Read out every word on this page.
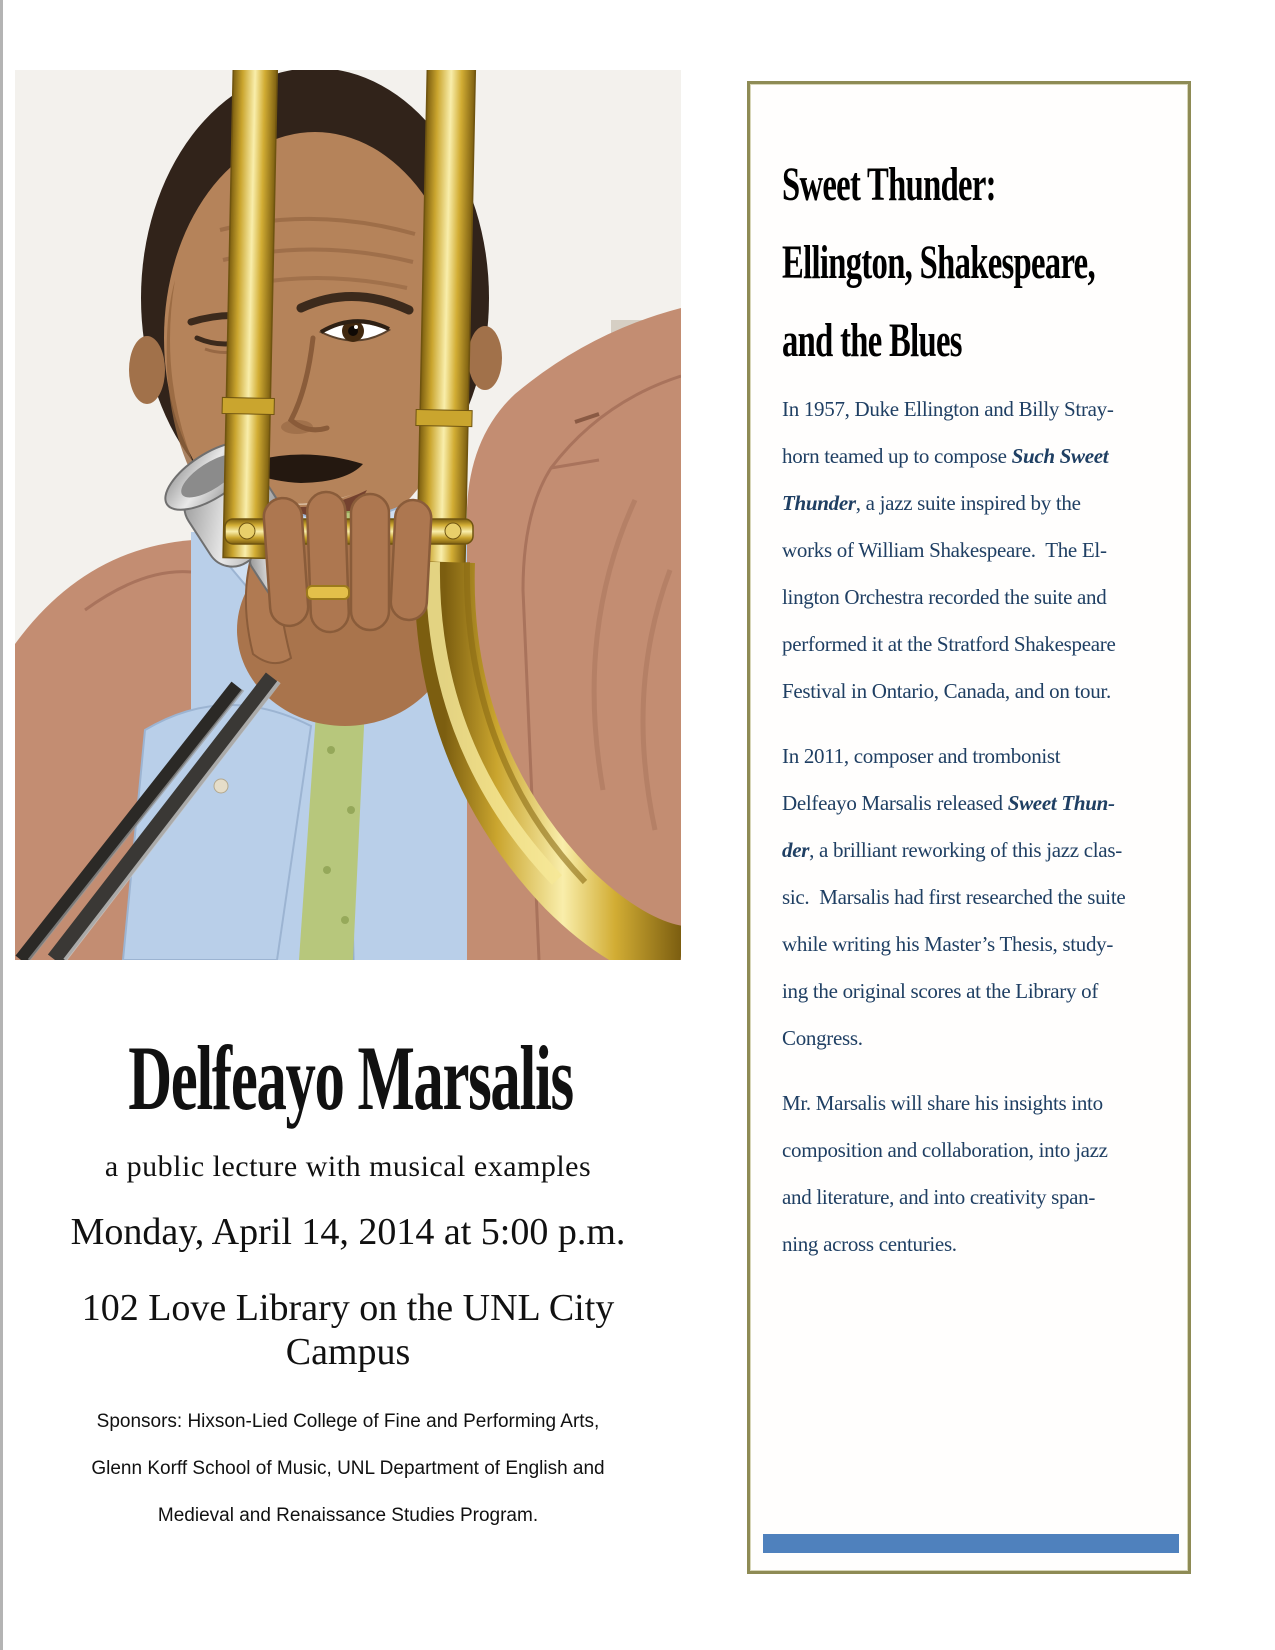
Delfeayo Marsalis
a public lecture with musical examples
Monday, April 14, 2014 at 5:00 p.m.
102 Love Library on the UNL City Campus
Sponsors: Hixson-Lied College of Fine and Performing Arts,
Glenn Korff School of Music, UNL Department of English and
Medieval and Renaissance Studies Program.
Sweet Thunder:
Ellington, Shakespeare,
and the Blues
In 1957, Duke Ellington and Billy Stray-
horn teamed up to compose Such Sweet
Thunder, a jazz suite inspired by the
works of William Shakespeare.  The El-
lington Orchestra recorded the suite and
performed it at the Stratford Shakespeare
Festival in Ontario, Canada, and on tour.
In 2011, composer and trombonist
Delfeayo Marsalis released Sweet Thun-
der, a brilliant reworking of this jazz clas-
sic.  Marsalis had first researched the suite
while writing his Master’s Thesis, study-
ing the original scores at the Library of
Congress.
Mr. Marsalis will share his insights into
composition and collaboration, into jazz
and literature, and into creativity span-
ning across centuries.
